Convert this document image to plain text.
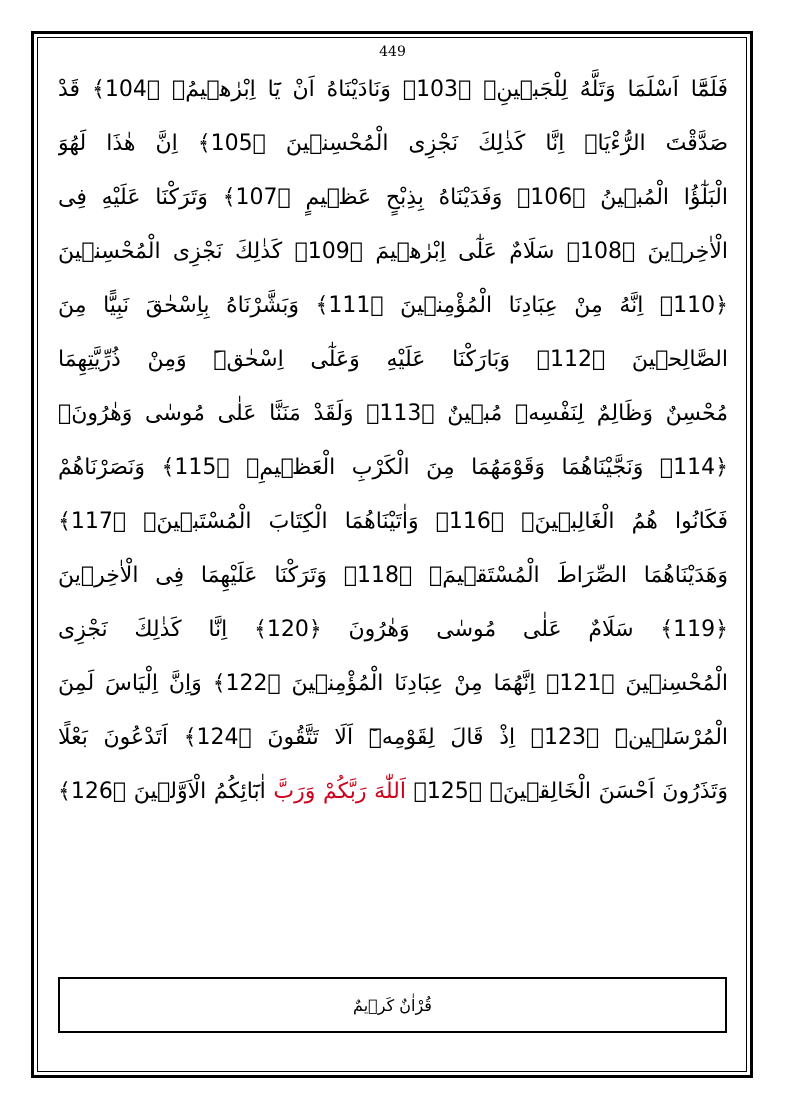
449
فَلَمَّٓا اَسْلَمَا وَتَلَّهُ لِلْجَبٖينِۚ ﴿103﴾ وَنَادَيْنَاهُ اَنْ يَٓا اِبْرٰهٖيمُۙ ﴿104﴾ قَدْ
صَدَّقْتَ الرُّءْيَاۚ اِنَّا كَذٰلِكَ نَجْزِى الْمُحْسِنٖينَ ﴿105﴾ اِنَّ هٰذَا لَهُوَ
الْبَلٰٓؤُا الْمُبٖينُ ﴿106﴾ وَفَدَيْنَاهُ بِذِبْحٍ عَظٖيمٍ ﴿107﴾ وَتَرَكْنَا عَلَيْهِ فِى
الْاٰخِرٖينَ ﴿108﴾ سَلَامٌ عَلٰٓى اِبْرٰهٖيمَ ﴿109﴾ كَذٰلِكَ نَجْزِى الْمُحْسِنٖينَ
﴿110﴾ اِنَّهُ مِنْ عِبَادِنَا الْمُؤْمِنٖينَ ﴿111﴾ وَبَشَّرْنَاهُ بِاِسْحٰقَ نَبِيًّا مِنَ
الصَّالِحٖينَ ﴿112﴾ وَبَارَكْنَا عَلَيْهِ وَعَلٰٓى اِسْحٰقَۜ وَمِنْ ذُرِّيَّتِهِمَا
مُحْسِنٌ وَظَالِمٌ لِنَفْسِهٖ مُبٖينٌ ﴿113﴾ وَلَقَدْ مَنَنَّا عَلٰى مُوسٰى وَهٰرُونَۚ
﴿114﴾ وَنَجَّيْنَاهُمَا وَقَوْمَهُمَا مِنَ الْكَرْبِ الْعَظٖيمِۚ ﴿115﴾ وَنَصَرْنَاهُمْ
فَكَانُوا هُمُ الْغَالِبٖينَۚ ﴿116﴾ وَاٰتَيْنَاهُمَا الْكِتَابَ الْمُسْتَبٖينَۚ ﴿117﴾
وَهَدَيْنَاهُمَا الصِّرَاطَ الْمُسْتَقٖيمَۚ ﴿118﴾ وَتَرَكْنَا عَلَيْهِمَا فِى الْاٰخِرٖينَ
﴿119﴾ سَلَامٌ عَلٰى مُوسٰى وَهٰرُونَ ﴿120﴾ اِنَّا كَذٰلِكَ نَجْزِى
الْمُحْسِنٖينَ ﴿121﴾ اِنَّهُمَا مِنْ عِبَادِنَا الْمُؤْمِنٖينَ ﴿122﴾ وَاِنَّ اِلْيَاسَ لَمِنَ
الْمُرْسَلٖينَۜ ﴿123﴾ اِذْ قَالَ لِقَوْمِهٖٓ اَلَا تَتَّقُونَ ﴿124﴾ اَتَدْعُونَ بَعْلًا
وَتَذَرُونَ اَحْسَنَ الْخَالِقٖينَۙ ﴿125﴾ اَللّٰهَ رَبَّكُمْ وَرَبَّ اٰبَٓائِكُمُ الْاَوَّلٖينَ ﴿126﴾
قُرْاٰنٌ كَرٖيمٌ
